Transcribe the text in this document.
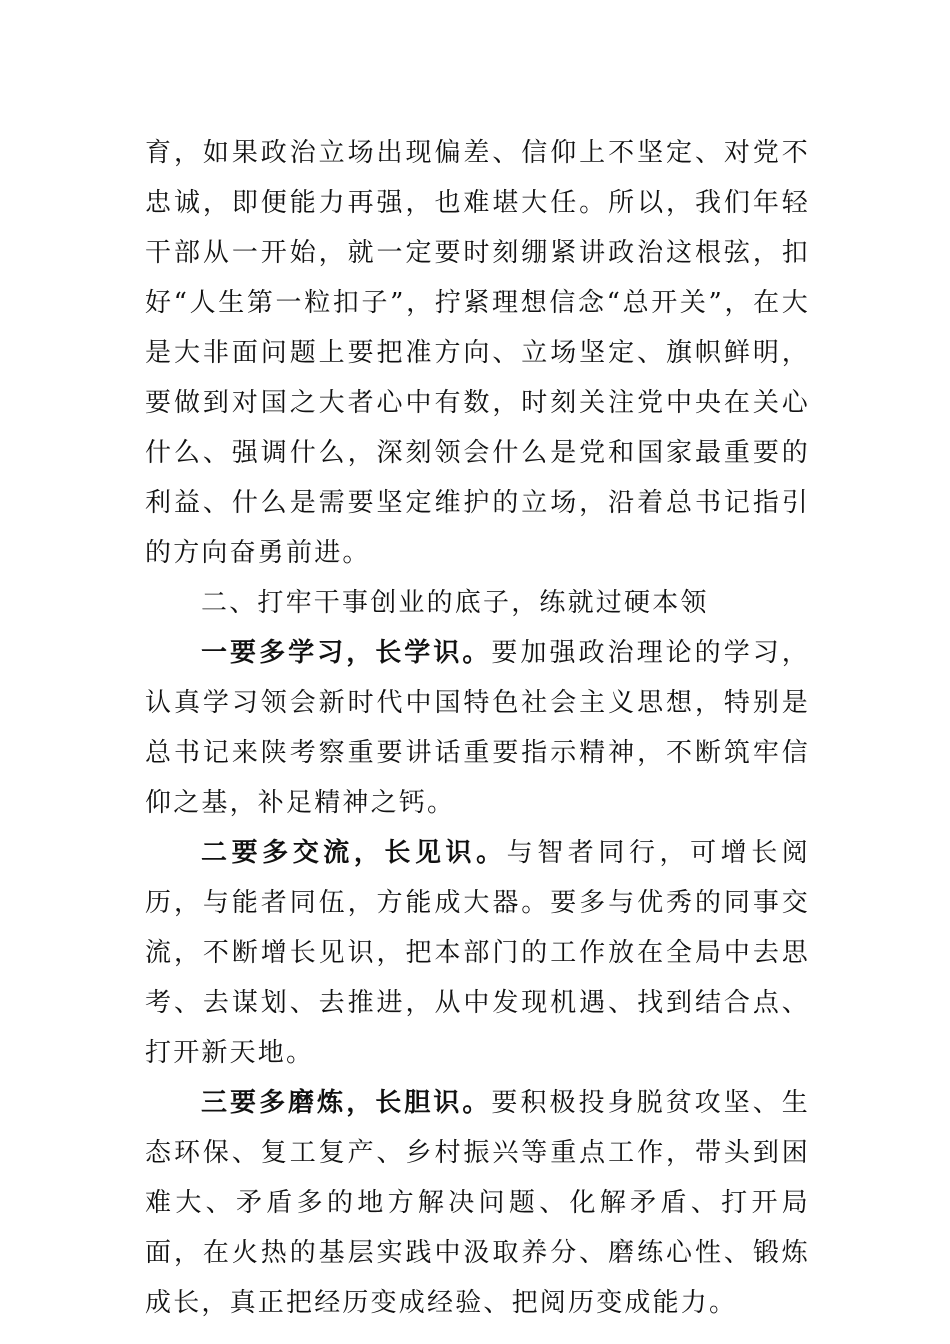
育，如果政治立场出现偏差、信仰上不坚定、对党不忠诚，即便能力再强，也难堪大任。所以，我们年轻干部从一开始，就一定要时刻绷紧讲政治这根弦，扣好“人生第一粒扣子”，拧紧理想信念“总开关”，在大是大非面问题上要把准方向、立场坚定、旗帜鲜明，要做到对国之大者心中有数，时刻关注党中央在关心什么、强调什么，深刻领会什么是党和国家最重要的利益、什么是需要坚定维护的立场，沿着总书记指引的方向奋勇前进。

二、打牢干事创业的底子，练就过硬本领

一要多学习，长学识。要加强政治理论的学习，认真学习领会新时代中国特色社会主义思想，特别是总书记来陕考察重要讲话重要指示精神，不断筑牢信仰之基，补足精神之钙。

二要多交流，长见识。与智者同行，可增长阅历，与能者同伍，方能成大器。要多与优秀的同事交流，不断增长见识，把本部门的工作放在全局中去思考、去谋划、去推进，从中发现机遇、找到结合点、打开新天地。

三要多磨炼，长胆识。要积极投身脱贫攻坚、生态环保、复工复产、乡村振兴等重点工作，带头到困难大、矛盾多的地方解决问题、化解矛盾、打开局面，在火热的基层实践中汲取养分、磨练心性、锻炼成长，真正把经历变成经验、把阅历变成能力。
